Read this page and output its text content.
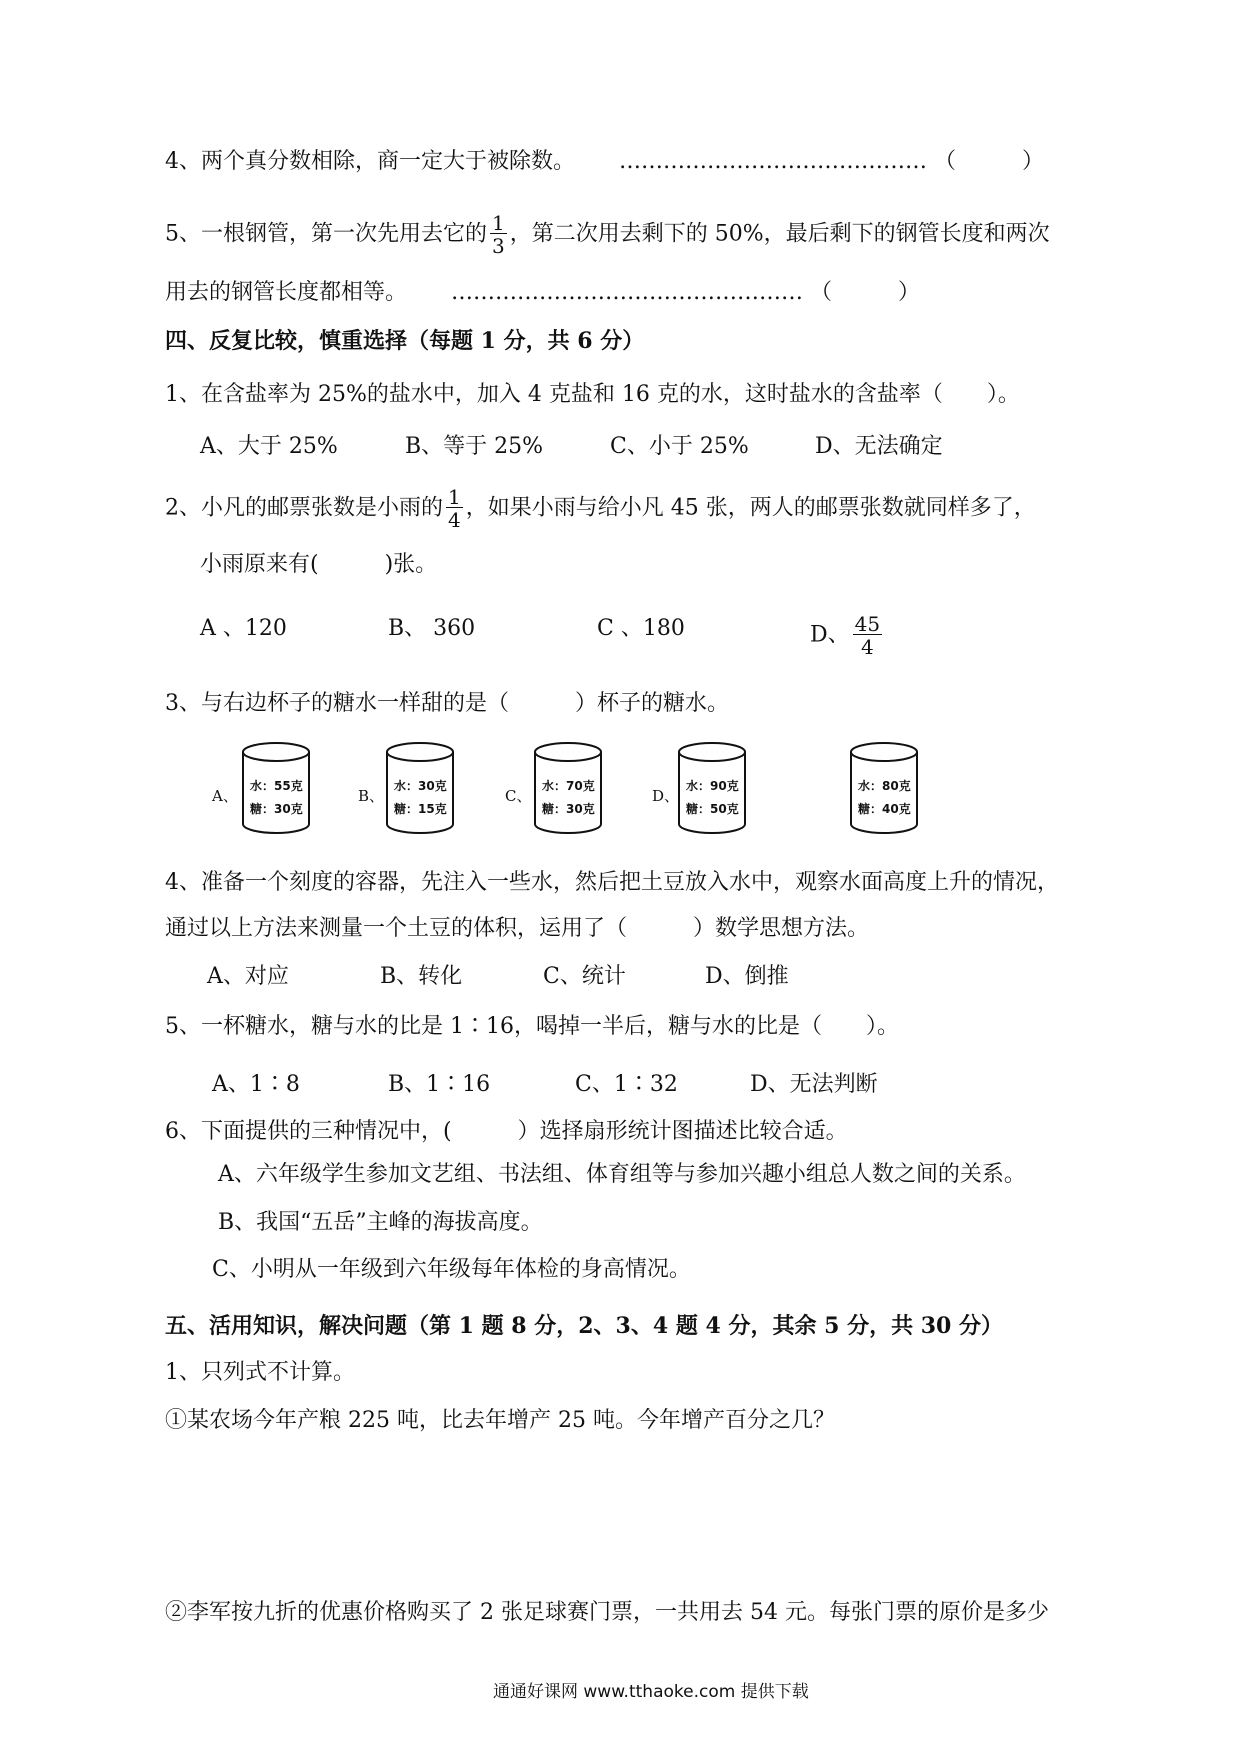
4、两个真分数相除，商一定大于被除数。 …………………………………… （　　　）
5、一根钢管，第一次先用去它的 $\frac{1}{3}$ ，第二次用去剩下的 50%，最后剩下的钢管长度和两次
用去的钢管长度都相等。 ………………………………………… （　　　）
四、反复比较，慎重选择（每题 1 分，共 6 分）
1、在含盐率为 25%的盐水中，加入 4 克盐和 16 克的水，这时盐水的含盐率（　　）。
A、大于 25%	B、等于 25%	C、小于 25%	D、无法确定
2、小凡的邮票张数是小雨的 $\frac{1}{4}$ ，如果小雨与给小凡 45 张，两人的邮票张数就同样多了，
小雨原来有(　　　)张。
A 、120	B、 360	C 、180	D、 $\frac{45}{4}$
3、与右边杯子的糖水一样甜的是（　　　）杯子的糖水。
A、
水：55克
糖：30克
B、
水：30克
糖：15克
C、
水：70克
糖：30克
D、
水：90克
糖：50克
水：80克
糖：40克
4、准备一个刻度的容器，先注入一些水，然后把土豆放入水中，观察水面高度上升的情况，
通过以上方法来测量一个土豆的体积，运用了（　　　）数学思想方法。
A、对应	B、转化	C、统计	D、倒推
5、一杯糖水，糖与水的比是 1∶16，喝掉一半后，糖与水的比是（　　）。
A、1∶8	B、1∶16	C、1∶32	D、无法判断
6、下面提供的三种情况中，(　　　）选择扇形统计图描述比较合适。
A、六年级学生参加文艺组、书法组、体育组等与参加兴趣小组总人数之间的关系。
B、我国“五岳”主峰的海拔高度。
C、小明从一年级到六年级每年体检的身高情况。
五、活用知识，解决问题（第 1 题 8 分，2、3、4 题 4 分，其余 5 分，共 30 分）
1、只列式不计算。
①某农场今年产粮 225 吨，比去年增产 25 吨。今年增产百分之几？
②李军按九折的优惠价格购买了 2 张足球赛门票，一共用去 54 元。每张门票的原价是多少
通通好课网 www.tthaoke.com 提供下载
